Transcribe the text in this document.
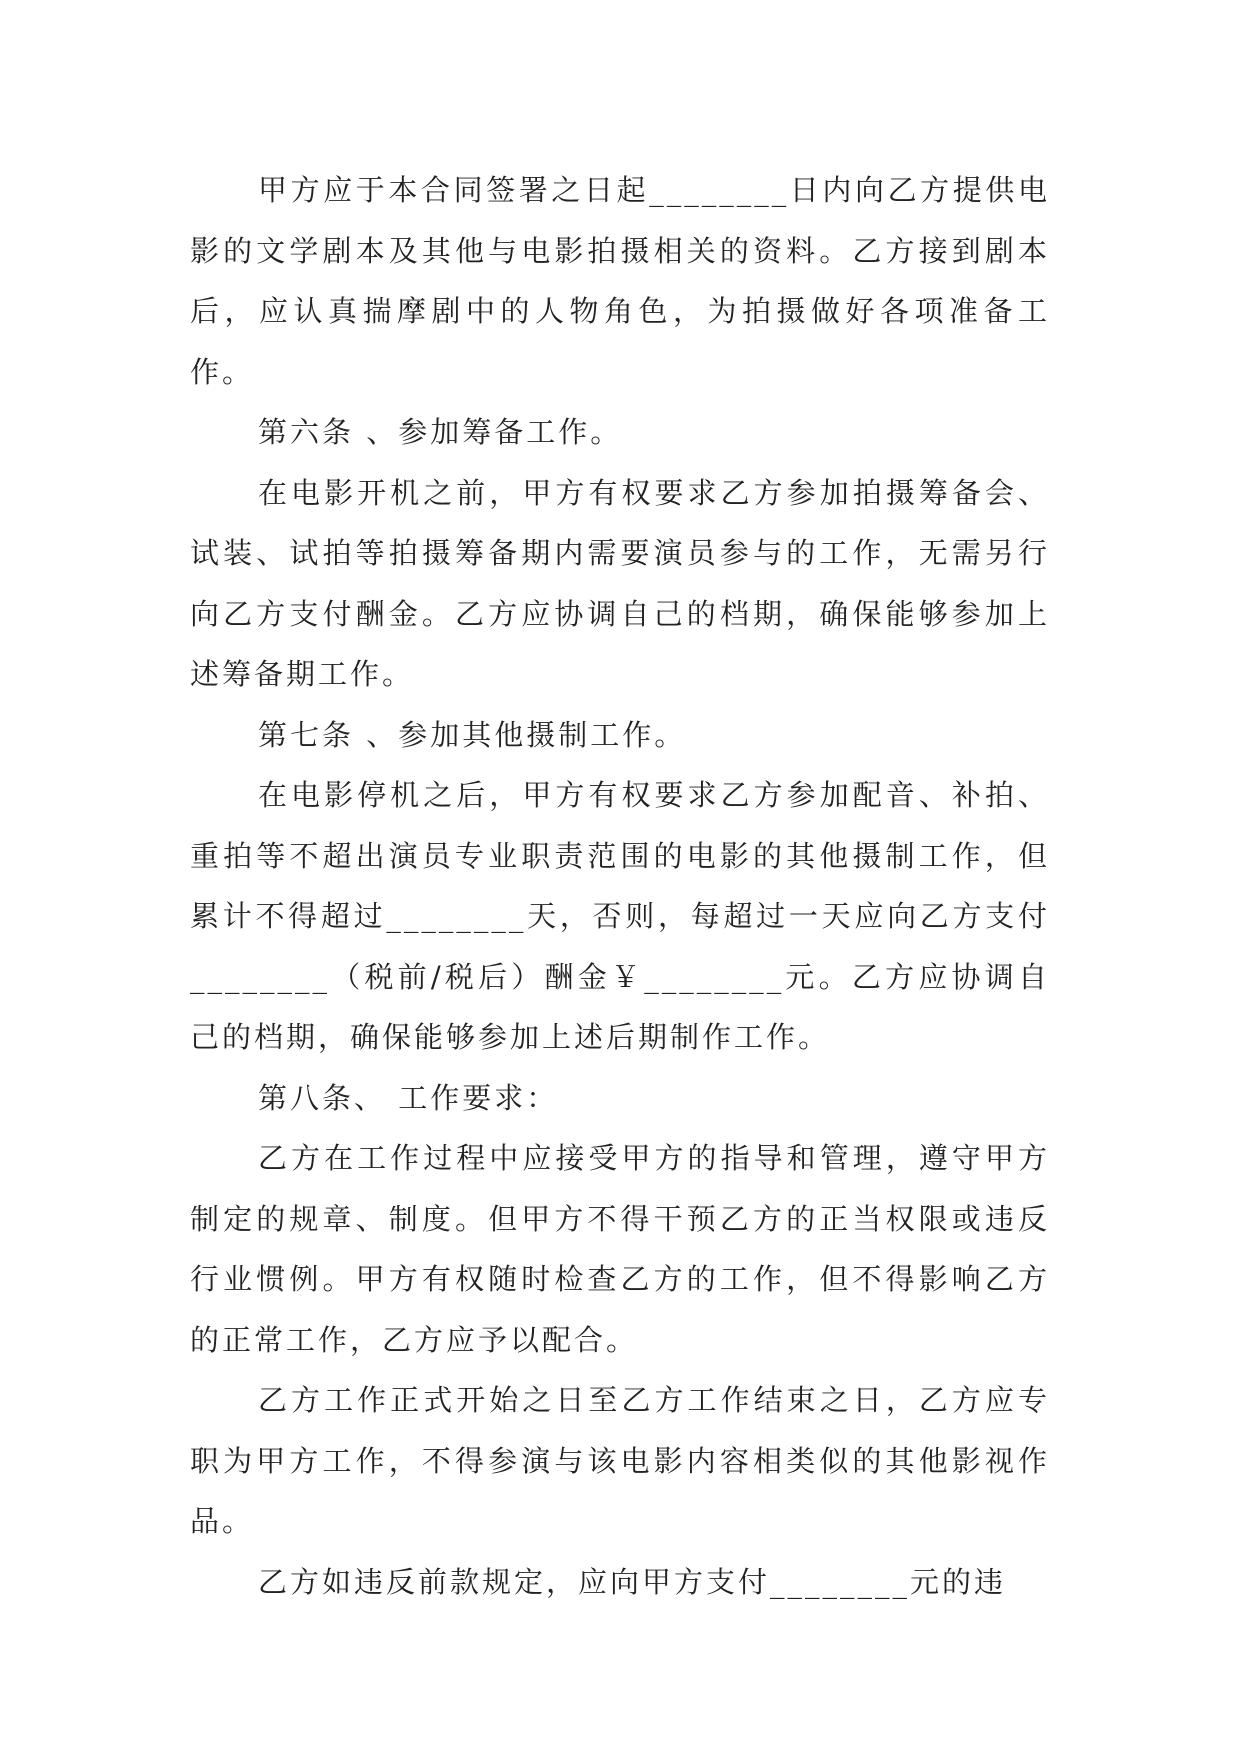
甲方应于本合同签署之日起________日内向乙方提供电影的文学剧本及其他与电影拍摄相关的资料。乙方接到剧本后，应认真揣摩剧中的人物角色，为拍摄做好各项准备工作。

第六条 、参加筹备工作。

在电影开机之前，甲方有权要求乙方参加拍摄筹备会、试装、试拍等拍摄筹备期内需要演员参与的工作，无需另行向乙方支付酬金。乙方应协调自己的档期，确保能够参加上述筹备期工作。

第七条 、参加其他摄制工作。

在电影停机之后，甲方有权要求乙方参加配音、补拍、重拍等不超出演员专业职责范围的电影的其他摄制工作，但累计不得超过________天，否则，每超过一天应向乙方支付________（税前/税后）酬金￥________元。乙方应协调自己的档期，确保能够参加上述后期制作工作。

第八条、 工作要求：

乙方在工作过程中应接受甲方的指导和管理，遵守甲方制定的规章、制度。但甲方不得干预乙方的正当权限或违反行业惯例。甲方有权随时检查乙方的工作，但不得影响乙方的正常工作，乙方应予以配合。

乙方工作正式开始之日至乙方工作结束之日，乙方应专职为甲方工作，不得参演与该电影内容相类似的其他影视作品。

乙方如违反前款规定，应向甲方支付________元的违
